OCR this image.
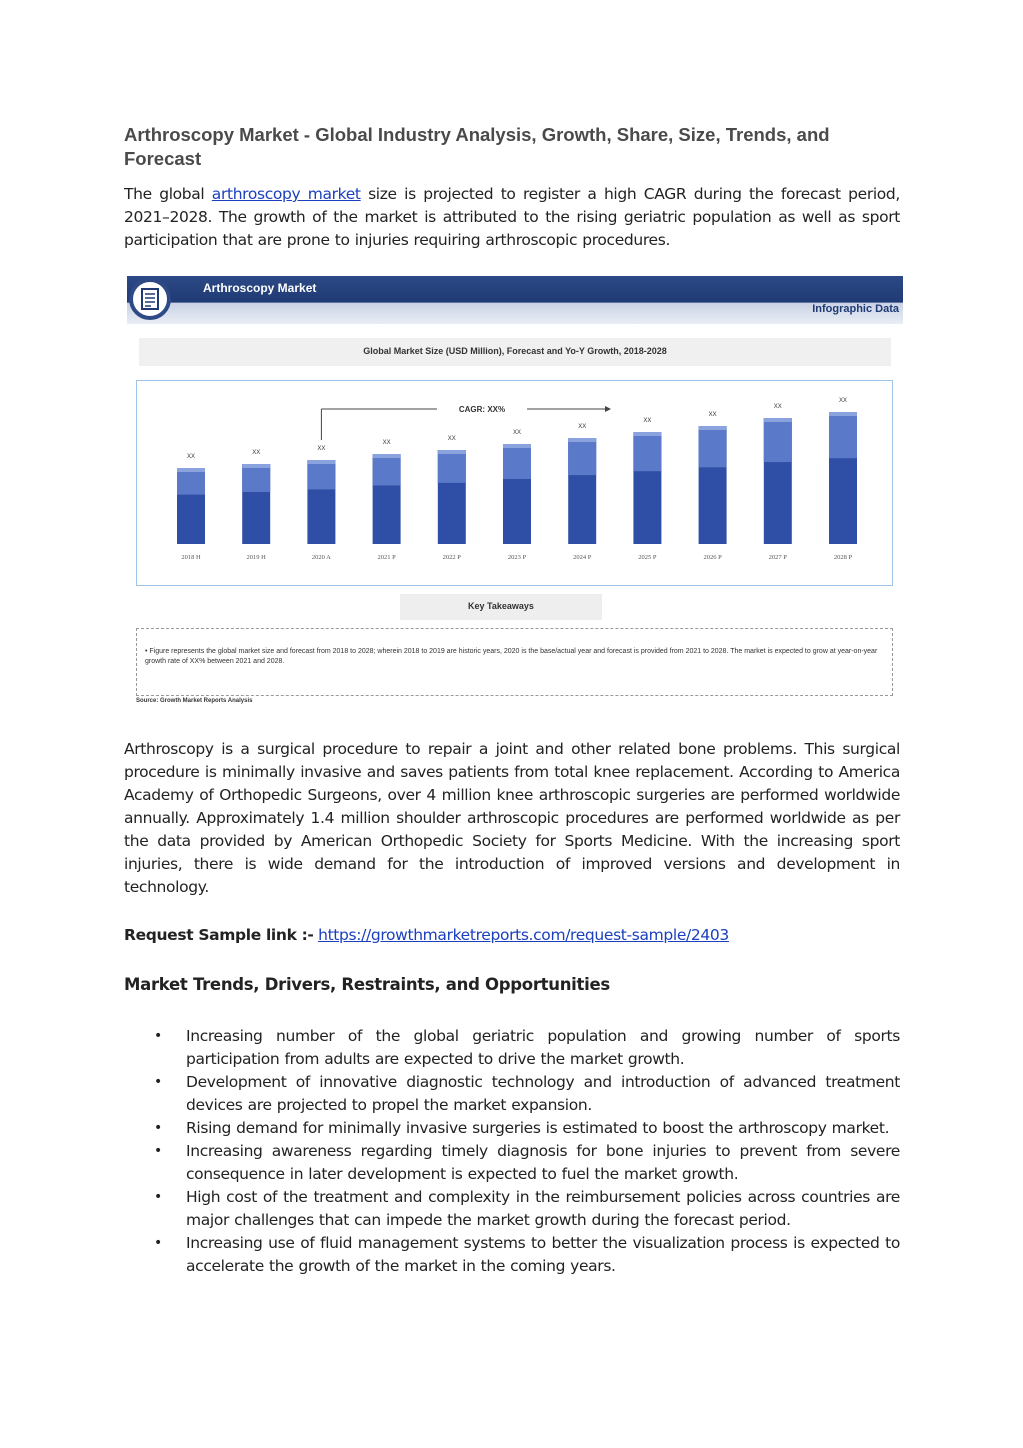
Arthroscopy Market - Global Industry Analysis, Growth, Share, Size, Trends, and Forecast

The global arthroscopy market size is projected to register a high CAGR during the forecast period, 2021–2028. The growth of the market is attributed to the rising geriatric population as well as sport participation that are prone to injuries requiring arthroscopic procedures.

Arthroscopy is a surgical procedure to repair a joint and other related bone problems. This surgical procedure is minimally invasive and saves patients from total knee replacement. According to America Academy of Orthopedic Surgeons, over 4 million knee arthroscopic surgeries are performed worldwide annually. Approximately 1.4 million shoulder arthroscopic procedures are performed worldwide as per the data provided by American Orthopedic Society for Sports Medicine. With the increasing sport injuries, there is wide demand for the introduction of improved versions and development in technology.

Request Sample link :- https://growthmarketreports.com/request-sample/2403
Market Trends, Drivers, Restraints, and Opportunities
• Increasing number of the global geriatric population and growing number of sports participation from adults are expected to drive the market growth.
• Development of innovative diagnostic technology and introduction of advanced treatment devices are projected to propel the market expansion.
• Rising demand for minimally invasive surgeries is estimated to boost the arthroscopy market.
• Increasing awareness regarding timely diagnosis for bone injuries to prevent from severe consequence in later development is expected to fuel the market growth.
• High cost of the treatment and complexity in the reimbursement policies across countries are major challenges that can impede the market growth during the forecast period.
• Increasing use of fluid management systems to better the visualization process is expected to accelerate the growth of the market in the coming years.
Arthroscopy Market
Infographic Data
Global Market Size (USD Million), Forecast and Yo-Y Growth, 2018-2028
XX
2018 H
XX
2019 H
XX
2020 A
XX
2021 P
XX
2022 P
XX
2023 P
XX
2024 P
XX
2025 P
XX
2026 P
XX
2027 P
XX
2028 P
CAGR: XX%
Key Takeaways
• Figure represents the global market size and forecast from 2018 to 2028; wherein 2018 to 2019 are historic years, 2020 is the base/actual year and forecast is provided from 2021 to 2028. The market is expected to grow at year-on-year growth rate of XX% between 2021 and 2028.
Source: Growth Market Reports Analysis
